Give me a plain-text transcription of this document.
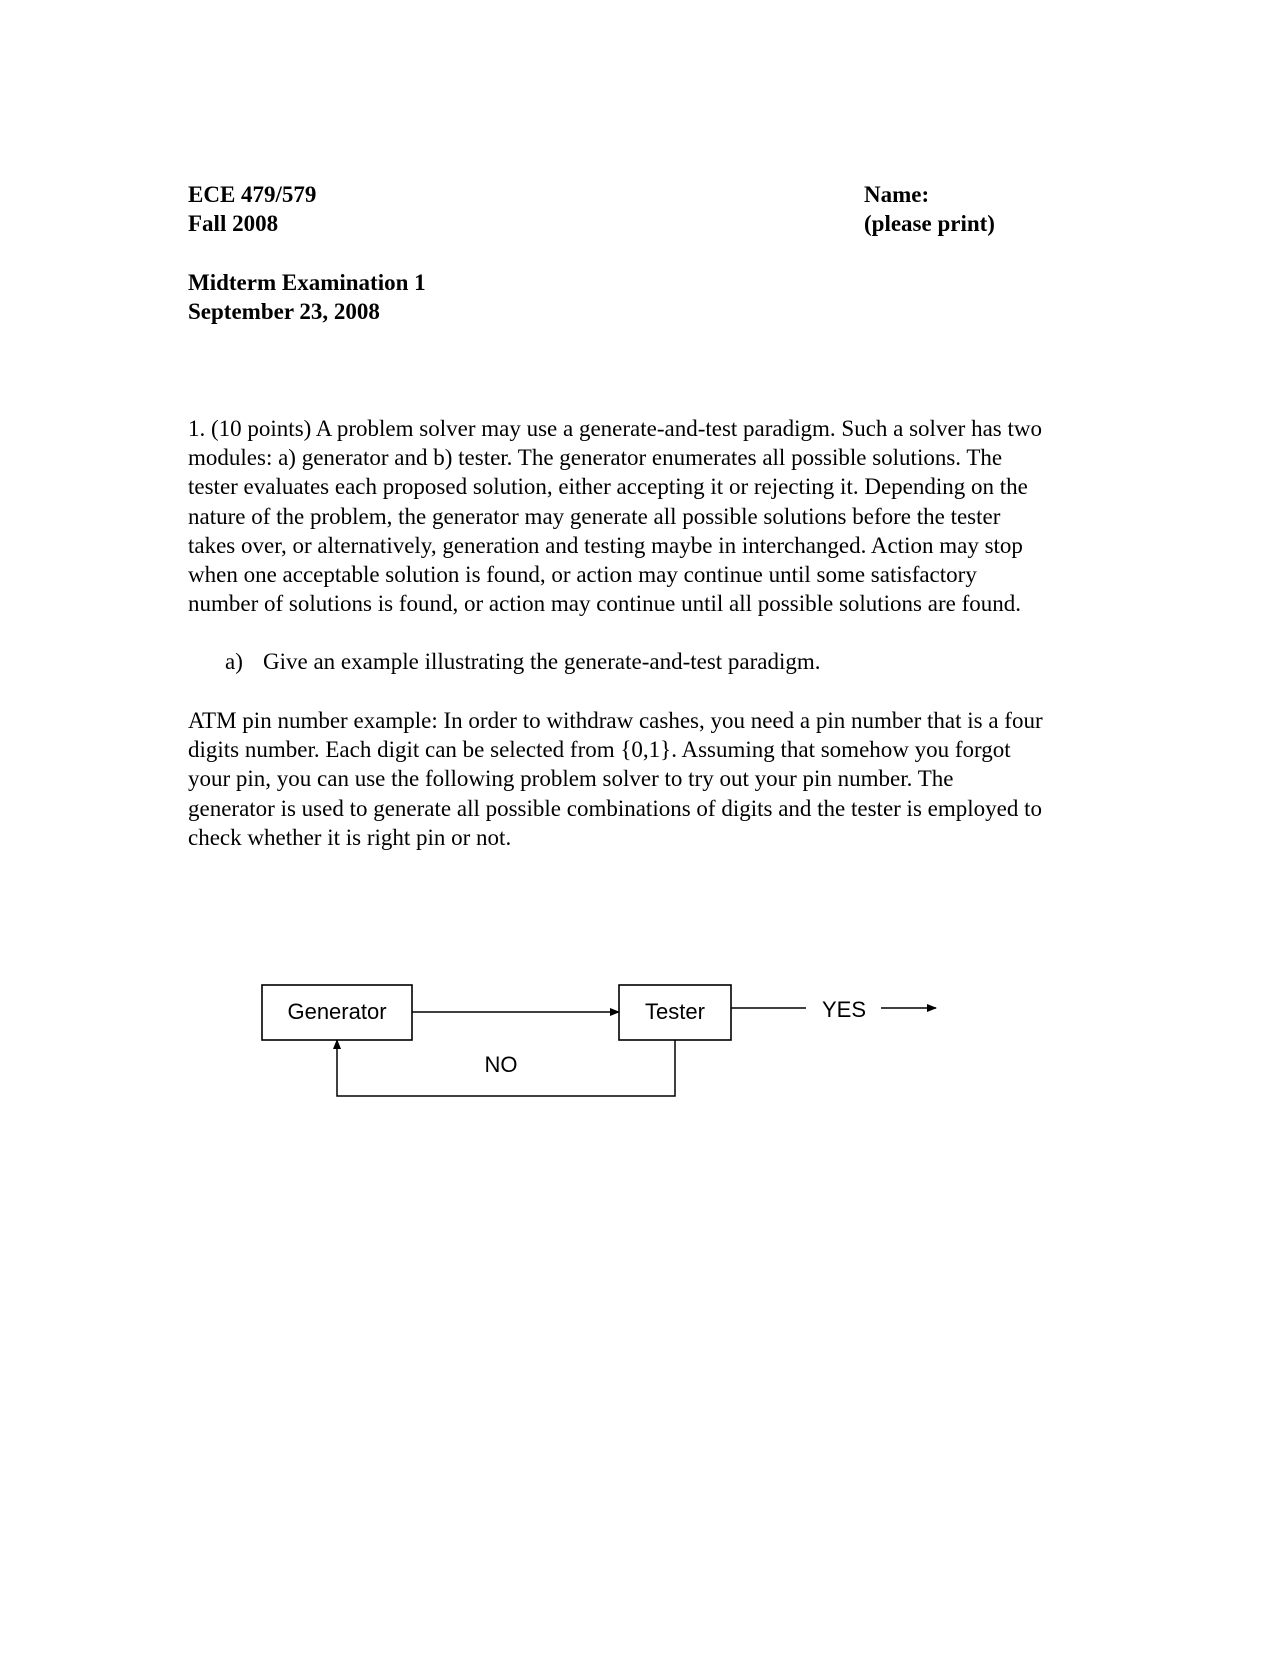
ECE 479/579
Fall 2008
Name:
(please print)
Midterm Examination 1
September 23, 2008
1. (10 points) A problem solver may use a generate-and-test paradigm. Such a solver has two
modules: a) generator and b) tester. The generator enumerates all possible solutions. The
tester evaluates each proposed solution, either accepting it or rejecting it. Depending on the
nature of the problem, the generator may generate all possible solutions before the tester
takes over, or alternatively, generation and testing maybe in interchanged. Action may stop
when one acceptable solution is found, or action may continue until some satisfactory
number of solutions is found, or action may continue until all possible solutions are found.
a) Give an example illustrating the generate-and-test paradigm.
ATM pin number example: In order to withdraw cashes, you need a pin number that is a four
digits number. Each digit can be selected from {0,1}. Assuming that somehow you forgot
your pin, you can use the following problem solver to try out your pin number. The
generator is used to generate all possible combinations of digits and the tester is employed to
check whether it is right pin or not.
Generator	Tester	YES
NO
